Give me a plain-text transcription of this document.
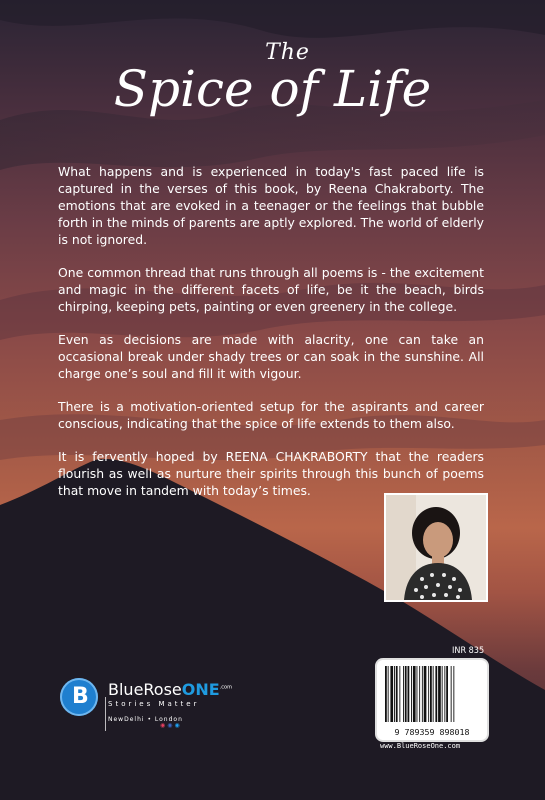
The
Spice of Life

What happens and is experienced in today's fast paced life is captured in the verses of this book, by Reena Chakraborty. The emotions that are evoked in a teenager or the feelings that bubble forth in the minds of parents are aptly explored. The world of elderly is not ignored.

One common thread that runs through all poems is - the excitement and magic in the different facets of life, be it the beach, birds chirping, keeping pets, painting or even greenery in the college.

Even as decisions are made with alacrity, one can take an occasional break under shady trees or can soak in the sunshine. All charge one’s soul and fill it with vigour.

There is a motivation-oriented setup for the aspirants and career conscious, indicating that the spice of life extends to them also.

It is fervently hoped by REENA CHAKRABORTY that the readers flourish as well as nurture their spirits through this bunch of poems that move in tandem with today’s times.

B BlueRoseONE$^{.com}$
Stories Matter
NewDelhi • London
◉ ◉ ◉
INR 835
9 789359 898018
www.BlueRoseOne.com
